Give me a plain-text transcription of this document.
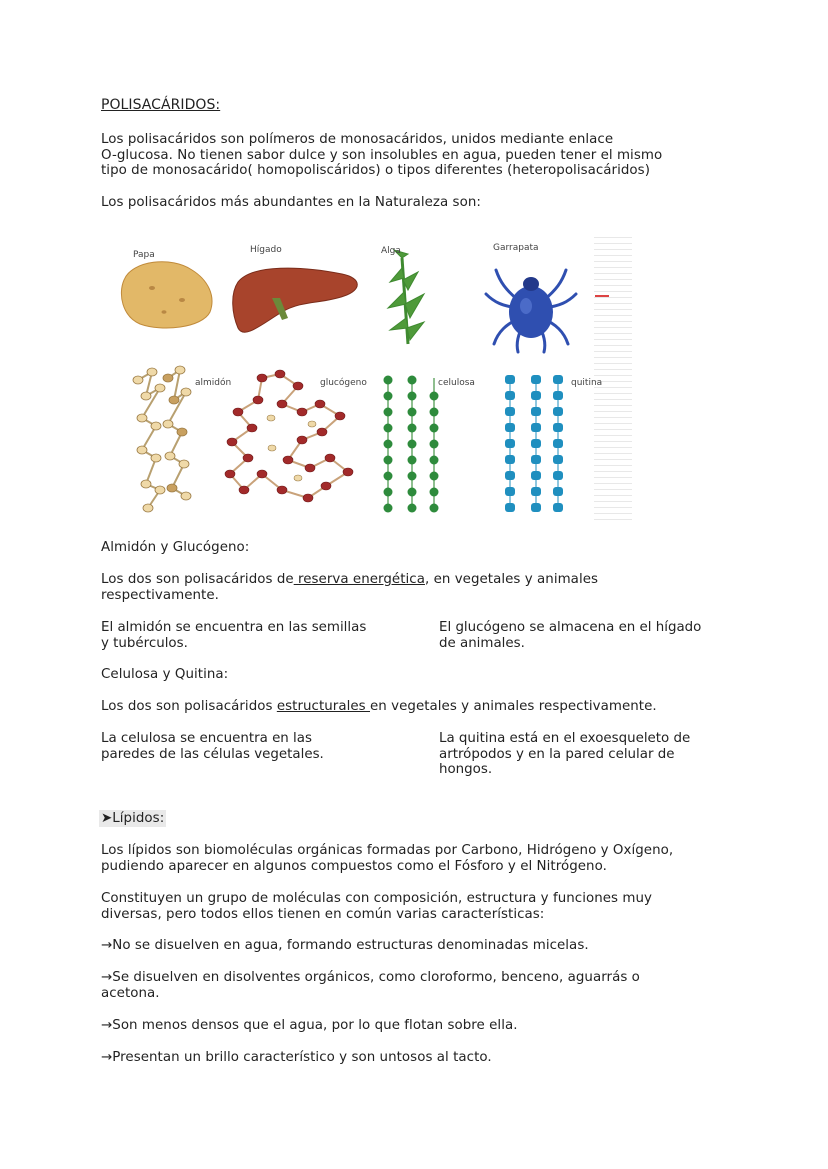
POLISACÁRIDOS:
Los polisacáridos son polímeros de monosacáridos, unidos mediante enlace
O-glucosa. No tienen sabor dulce y son insolubles en agua, pueden tener el mismo
tipo de monosacárido( homopoliscáridos) o tipos diferentes (heteropolisacáridos)
Los polisacáridos más abundantes en la Naturaleza son:
Papa	Hígado	Alga	Garrapata
almidón	glucógeno	celulosa	quitina
Almidón y Glucógeno:
Los dos son polisacáridos de reserva energética, en vegetales y animales
respectivamente.
El almidón se encuentra en las semillas
y tubérculos.
El glucógeno se almacena en el hígado
de animales.
Celulosa y Quitina:
Los dos son polisacáridos estructurales en vegetales y animales respectivamente.
La celulosa se encuentra en las
paredes de las células vegetales.
La quitina está en el exoesqueleto de
artrópodos y en la pared celular de
hongos.
➤Lípidos:
Los lípidos son biomoléculas orgánicas formadas por Carbono, Hidrógeno y Oxígeno,
pudiendo aparecer en algunos compuestos como el Fósforo y el Nitrógeno.
Constituyen un grupo de moléculas con composición, estructura y funciones muy
diversas, pero todos ellos tienen en común varias características:
→No se disuelven en agua, formando estructuras denominadas micelas.
→Se disuelven en disolventes orgánicos, como cloroformo, benceno, aguarrás o
acetona.
→Son menos densos que el agua, por lo que flotan sobre ella.
→Presentan un brillo característico y son untosos al tacto.
